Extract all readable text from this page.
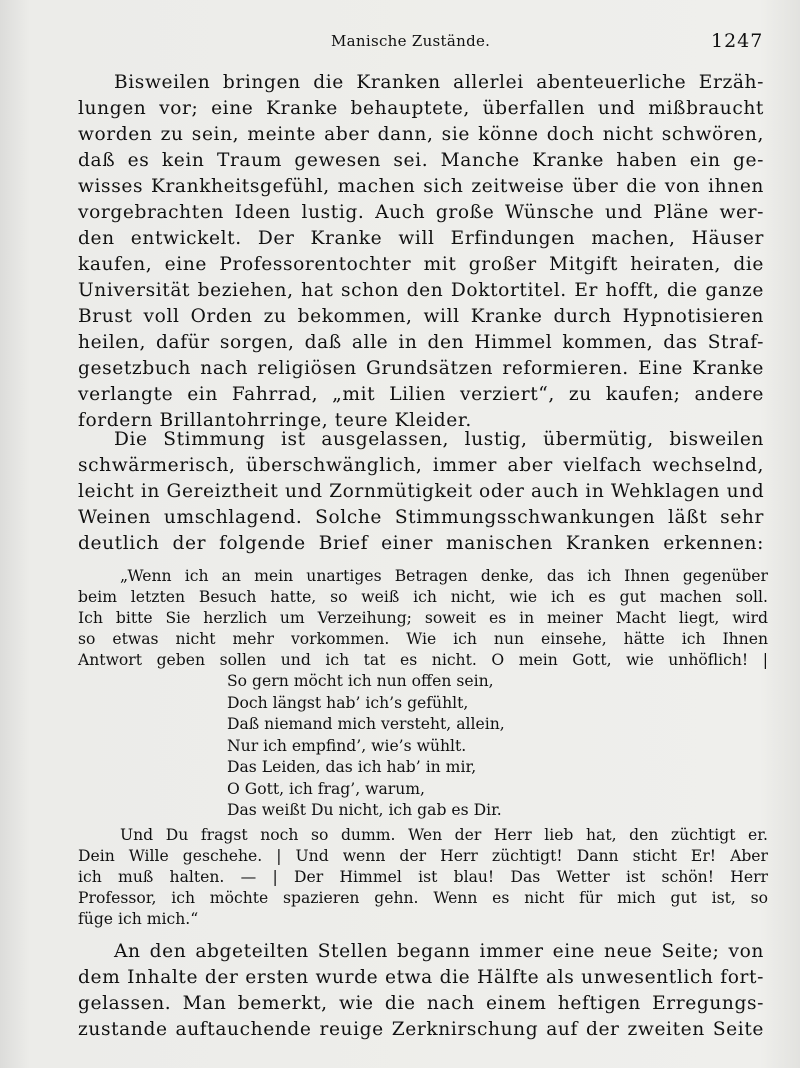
Manische Zustände.	1247
Bisweilen bringen die Kranken allerlei abenteuerliche Erzäh-
lungen vor; eine Kranke behauptete, überfallen und mißbraucht
worden zu sein, meinte aber dann, sie könne doch nicht schwören,
daß es kein Traum gewesen sei. Manche Kranke haben ein ge-
wisses Krankheitsgefühl, machen sich zeitweise über die von ihnen
vorgebrachten Ideen lustig. Auch große Wünsche und Pläne wer-
den entwickelt. Der Kranke will Erfindungen machen, Häuser
kaufen, eine Professorentochter mit großer Mitgift heiraten, die
Universität beziehen, hat schon den Doktortitel. Er hofft, die ganze
Brust voll Orden zu bekommen, will Kranke durch Hypnotisieren
heilen, dafür sorgen, daß alle in den Himmel kommen, das Straf-
gesetzbuch nach religiösen Grundsätzen reformieren. Eine Kranke
verlangte ein Fahrrad, „mit Lilien verziert“, zu kaufen; andere
fordern Brillantohrringe, teure Kleider.
Die Stimmung ist ausgelassen, lustig, übermütig, bisweilen
schwärmerisch, überschwänglich, immer aber vielfach wechselnd,
leicht in Gereiztheit und Zornmütigkeit oder auch in Wehklagen und
Weinen umschlagend. Solche Stimmungsschwankungen läßt sehr
deutlich der folgende Brief einer manischen Kranken erkennen:
„Wenn ich an mein unartiges Betragen denke, das ich Ihnen gegenüber
beim letzten Besuch hatte, so weiß ich nicht, wie ich es gut machen soll.
Ich bitte Sie herzlich um Verzeihung; soweit es in meiner Macht liegt, wird
so etwas nicht mehr vorkommen. Wie ich nun einsehe, hätte ich Ihnen
Antwort geben sollen und ich tat es nicht. O mein Gott, wie unhöflich! |
So gern möcht ich nun offen sein,
Doch längst hab’ ich’s gefühlt,
Daß niemand mich versteht, allein,
Nur ich empfind’, wie’s wühlt.
Das Leiden, das ich hab’ in mir,
O Gott, ich frag’, warum,
Das weißt Du nicht, ich gab es Dir.
Und Du fragst noch so dumm. Wen der Herr lieb hat, den züchtigt er.
Dein Wille geschehe. | Und wenn der Herr züchtigt! Dann sticht Er! Aber
ich muß halten. — | Der Himmel ist blau! Das Wetter ist schön! Herr
Professor, ich möchte spazieren gehn. Wenn es nicht für mich gut ist, so
füge ich mich.“
An den abgeteilten Stellen begann immer eine neue Seite; von
dem Inhalte der ersten wurde etwa die Hälfte als unwesentlich fort-
gelassen. Man bemerkt, wie die nach einem heftigen Erregungs-
zustande auftauchende reuige Zerknirschung auf der zweiten Seite
